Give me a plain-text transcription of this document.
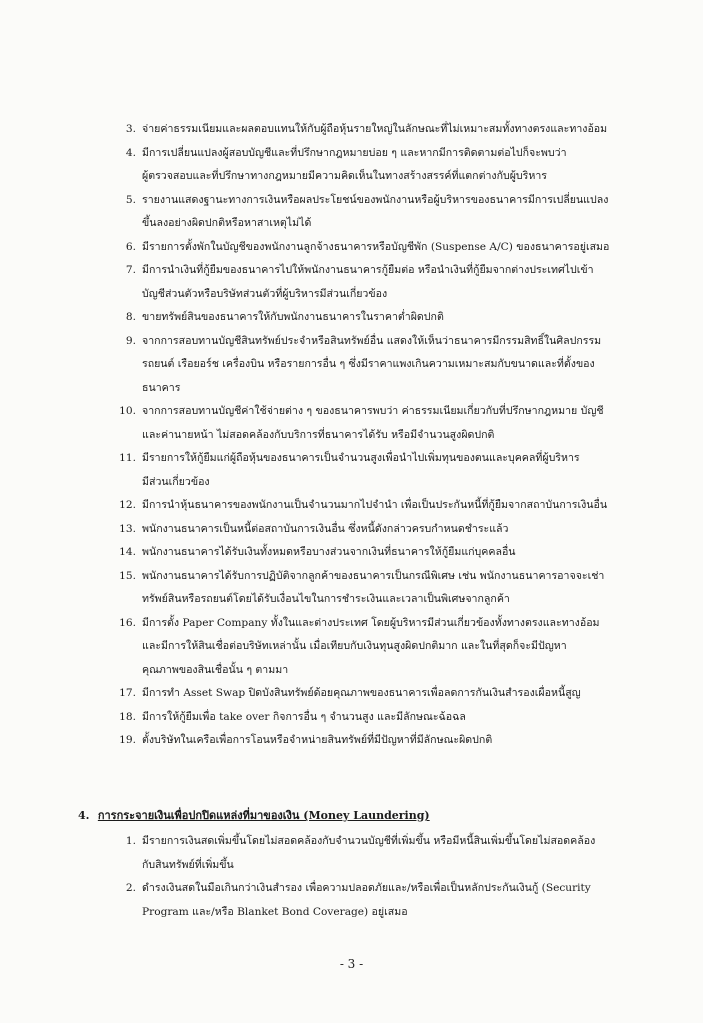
3. จ่ายค่าธรรมเนียมและผลตอบแทนให้กับผู้ถือหุ้นรายใหญ่ในลักษณะที่ไม่เหมาะสมทั้งทางตรงและทางอ้อม
4. มีการเปลี่ยนแปลงผู้สอบบัญชีและที่ปรึกษากฎหมายบ่อย ๆ และหากมีการติดตามต่อไปก็จะพบว่า
ผู้ตรวจสอบและที่ปรึกษาทางกฎหมายมีความคิดเห็นในทางสร้างสรรค์ที่แตกต่างกับผู้บริหาร
5. รายงานแสดงฐานะทางการเงินหรือผลประโยชน์ของพนักงานหรือผู้บริหารของธนาคารมีการเปลี่ยนแปลง
ขึ้นลงอย่างผิดปกติหรือหาสาเหตุไม่ได้
6. มีรายการตั้งพักในบัญชีของพนักงานลูกจ้างธนาคารหรือบัญชีพัก (Suspense A/C) ของธนาคารอยู่เสมอ
7. มีการนำเงินที่กู้ยืมของธนาคารไปให้พนักงานธนาคารกู้ยืมต่อ หรือนำเงินที่กู้ยืมจากต่างประเทศไปเข้า
บัญชีส่วนตัวหรือบริษัทส่วนตัวที่ผู้บริหารมีส่วนเกี่ยวข้อง
8. ขายทรัพย์สินของธนาคารให้กับพนักงานธนาคารในราคาต่ำผิดปกติ
9. จากการสอบทานบัญชีสินทรัพย์ประจำหรือสินทรัพย์อื่น แสดงให้เห็นว่าธนาคารมีกรรมสิทธิ์ในศิลปกรรม
รถยนต์ เรือยอร์ช เครื่องบิน หรือรายการอื่น ๆ ซึ่งมีราคาแพงเกินความเหมาะสมกับขนาดและที่ตั้งของ
ธนาคาร
10. จากการสอบทานบัญชีค่าใช้จ่ายต่าง ๆ ของธนาคารพบว่า ค่าธรรมเนียมเกี่ยวกับที่ปรึกษากฎหมาย บัญชี
และค่านายหน้า ไม่สอดคล้องกับบริการที่ธนาคารได้รับ หรือมีจำนวนสูงผิดปกติ
11. มีรายการให้กู้ยืมแก่ผู้ถือหุ้นของธนาคารเป็นจำนวนสูงเพื่อนำไปเพิ่มทุนของตนและบุคคลที่ผู้บริหาร
มีส่วนเกี่ยวข้อง
12. มีการนำหุ้นธนาคารของพนักงานเป็นจำนวนมากไปจำนำ เพื่อเป็นประกันหนี้ที่กู้ยืมจากสถาบันการเงินอื่น
13. พนักงานธนาคารเป็นหนี้ต่อสถาบันการเงินอื่น ซึ่งหนี้ดังกล่าวครบกำหนดชำระแล้ว
14. พนักงานธนาคารได้รับเงินทั้งหมดหรือบางส่วนจากเงินที่ธนาคารให้กู้ยืมแก่บุคคลอื่น
15. พนักงานธนาคารได้รับการปฏิบัติจากลูกค้าของธนาคารเป็นกรณีพิเศษ เช่น พนักงานธนาคารอาจจะเช่า
ทรัพย์สินหรือรถยนต์โดยได้รับเงื่อนไขในการชำระเงินและเวลาเป็นพิเศษจากลูกค้า
16. มีการตั้ง Paper Company ทั้งในและต่างประเทศ โดยผู้บริหารมีส่วนเกี่ยวข้องทั้งทางตรงและทางอ้อม
และมีการให้สินเชื่อต่อบริษัทเหล่านั้น เมื่อเทียบกับเงินทุนสูงผิดปกติมาก และในที่สุดก็จะมีปัญหา
คุณภาพของสินเชื่อนั้น ๆ ตามมา
17. มีการทำ Asset Swap ปิดบังสินทรัพย์ด้อยคุณภาพของธนาคารเพื่อลดการกันเงินสำรองเผื่อหนี้สูญ
18. มีการให้กู้ยืมเพื่อ take over กิจการอื่น ๆ จำนวนสูง และมีลักษณะฉ้อฉล
19. ตั้งบริษัทในเครือเพื่อการโอนหรือจำหน่ายสินทรัพย์ที่มีปัญหาที่มีลักษณะผิดปกติ
4. การกระจายเงินเพื่อปกปิดแหล่งที่มาของเงิน (Money Laundering)
1. มีรายการเงินสดเพิ่มขึ้นโดยไม่สอดคล้องกับจำนวนบัญชีที่เพิ่มขึ้น หรือมีหนี้สินเพิ่มขึ้นโดยไม่สอดคล้อง
กับสินทรัพย์ที่เพิ่มขึ้น
2. ดำรงเงินสดในมือเกินกว่าเงินสำรอง เพื่อความปลอดภัยและ/หรือเพื่อเป็นหลักประกันเงินกู้ (Security
Program และ/หรือ Blanket Bond Coverage) อยู่เสมอ
- 3 -
